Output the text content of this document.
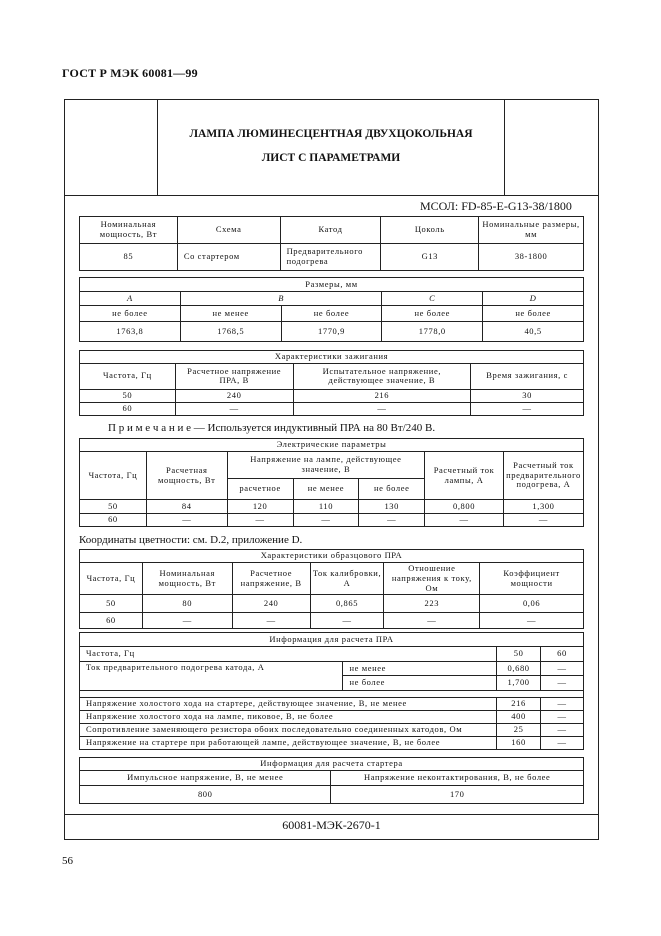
ГОСТ Р МЭК 60081—99
ЛАМПА ЛЮМИНЕСЦЕНТНАЯ ДВУХЦОКОЛЬНАЯ
ЛИСТ С ПАРАМЕТРАМИ
МСОЛ: FD-85-E-G13-38/1800
Номинальная мощность, Вт	Схема	Катод	Цоколь	Номинальные размеры, мм
85	Со стартером	Предварительного подогрева	G13	38-1800
Размеры, мм				
A	B		C	D
не более	не менее	не более	не более	не более
1763,8	1768,5	1770,9	1778,0	40,5
Характеристики зажигания			
Частота, Гц	Расчетное напряжение ПРА, В	Испытательное напряжение, действующее значение, В	Время зажигания, с
50	240	216	30
60	—	—	—
П р и м е ч а н и е — Используется индуктивный ПРА на 80 Вт/240 В.
Электрические параметры						
Частота, Гц	Расчетная мощность, Вт	Напряжение на лампе, действующее значение, В			Расчетный ток лампы, А	Расчетный ток предварительного подогрева, А
		расчетное	не менее	не более		
50	84	120	110	130	0,800	1,300
60	—	—	—	—	—	—
Координаты цветности: см. D.2, приложение D.
Характеристики образцового ПРА					
Частота, Гц	Номинальная мощность, Вт	Расчетное напряжение, В	Ток калибровки, А	Отношение напряжения к току, Ом	Коэффициент мощности
50	80	240	0,865	223	0,06
60	—	—	—	—	—
Информация для расчета ПРА			
Частота, Гц		50	60
Ток предварительного подогрева катода, А	не менее	0,680	—
	не более	1,700	—

Напряжение холостого хода на стартере, действующее значение, В, не менее		216	—
Напряжение холостого хода на лампе, пиковое, В, не более		400	—
Сопротивление заменяющего резистора обоих последовательно соединенных катодов, Ом		25	—
Напряжение на стартере при работающей лампе, действующее значение, В, не более		160	—
Информация для расчета стартера	
Импульсное напряжение, В, не менее	Напряжение неконтактирования, В, не более
800	170
60081-МЭК-2670-1
56
